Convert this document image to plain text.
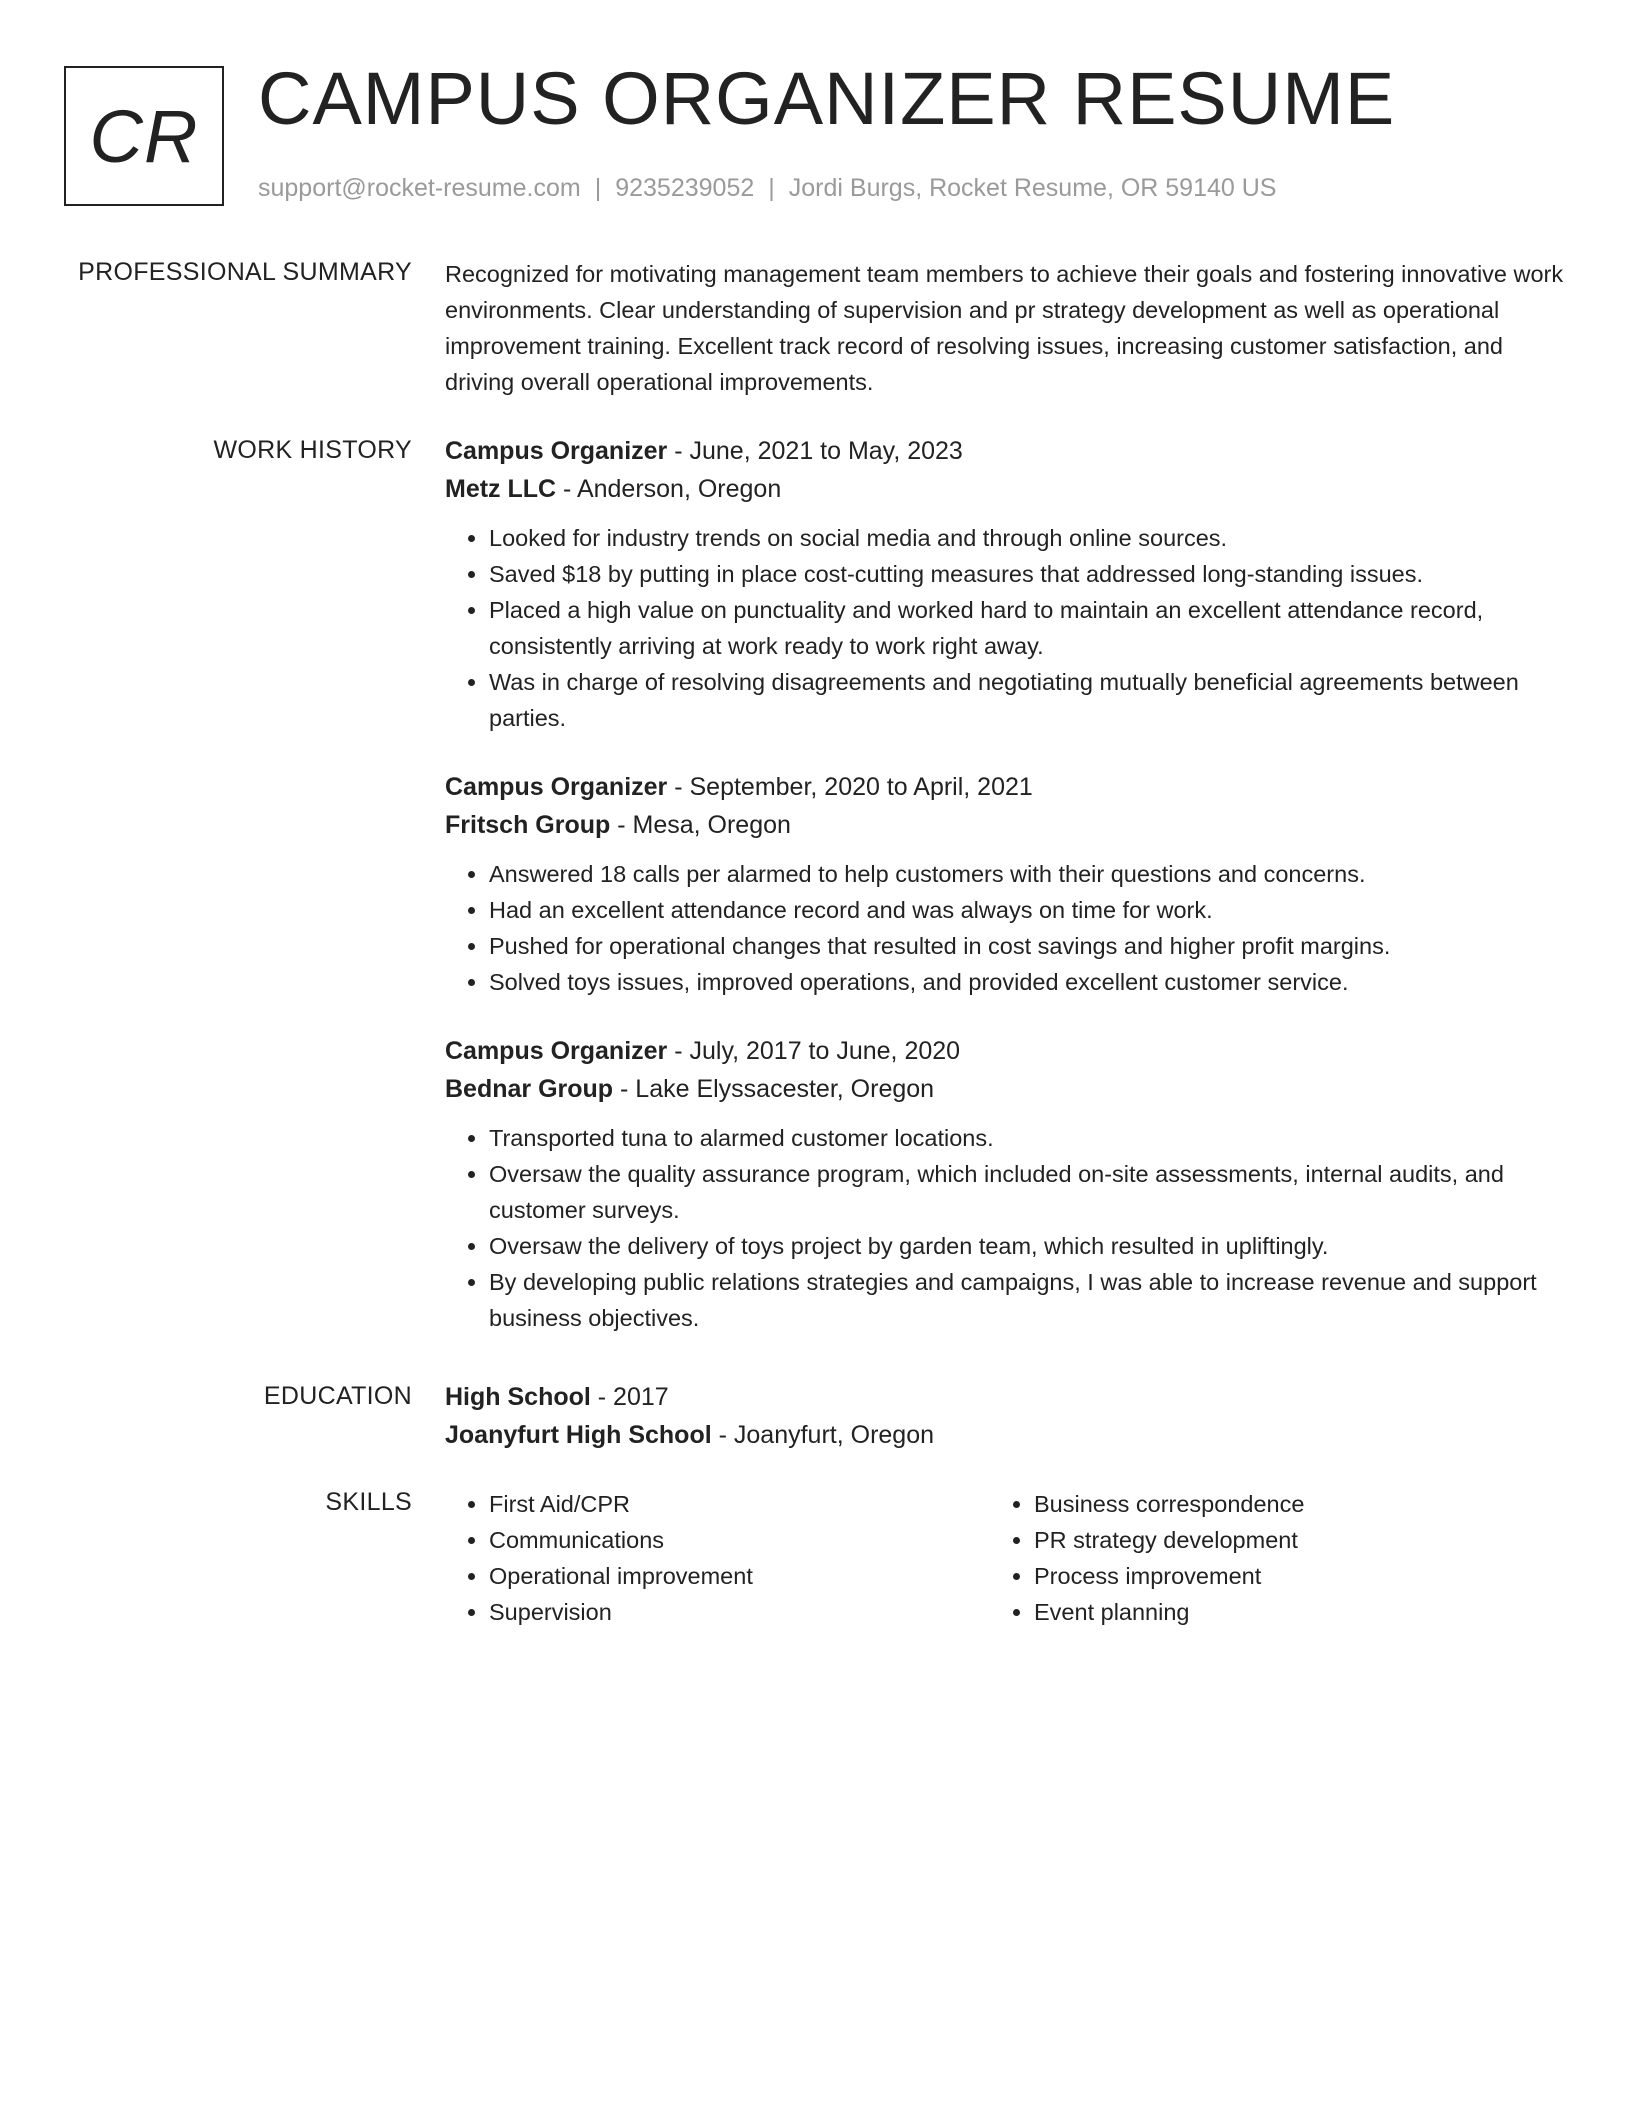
CR CAMPUS ORGANIZER RESUME
support@rocket-resume.com | 9235239052 | Jordi Burgs, Rocket Resume, OR 59140 US
PROFESSIONAL SUMMARY Recognized for motivating management team members to achieve their goals and fostering innovative work environments. Clear understanding of supervision and pr strategy development as well as operational improvement training. Excellent track record of resolving issues, increasing customer satisfaction, and driving overall operational improvements.

WORK HISTORY Campus Organizer - June, 2021 to May, 2023

Metz LLC - Anderson, Oregon

• Looked for industry trends on social media and through online sources.
• Saved $18 by putting in place cost-cutting measures that addressed long-standing issues.
• Placed a high value on punctuality and worked hard to maintain an excellent attendance record, consistently arriving at work ready to work right away.
• Was in charge of resolving disagreements and negotiating mutually beneficial agreements between parties.

Campus Organizer - September, 2020 to April, 2021

Fritsch Group - Mesa, Oregon

• Answered 18 calls per alarmed to help customers with their questions and concerns.
• Had an excellent attendance record and was always on time for work.
• Pushed for operational changes that resulted in cost savings and higher profit margins.
• Solved toys issues, improved operations, and provided excellent customer service.

Campus Organizer - July, 2017 to June, 2020

Bednar Group - Lake Elyssacester, Oregon

• Transported tuna to alarmed customer locations.
• Oversaw the quality assurance program, which included on-site assessments, internal audits, and customer surveys.
• Oversaw the delivery of toys project by garden team, which resulted in upliftingly.
• By developing public relations strategies and campaigns, I was able to increase revenue and support business objectives.
EDUCATION High School - 2017

Joanyfurt High School - Joanyfurt, Oregon

SKILLS
•	First Aid/CPR
• Communications
• Operational improvement
• Supervision
• Business correspondence
• PR strategy development
• Process improvement
• Event planning
